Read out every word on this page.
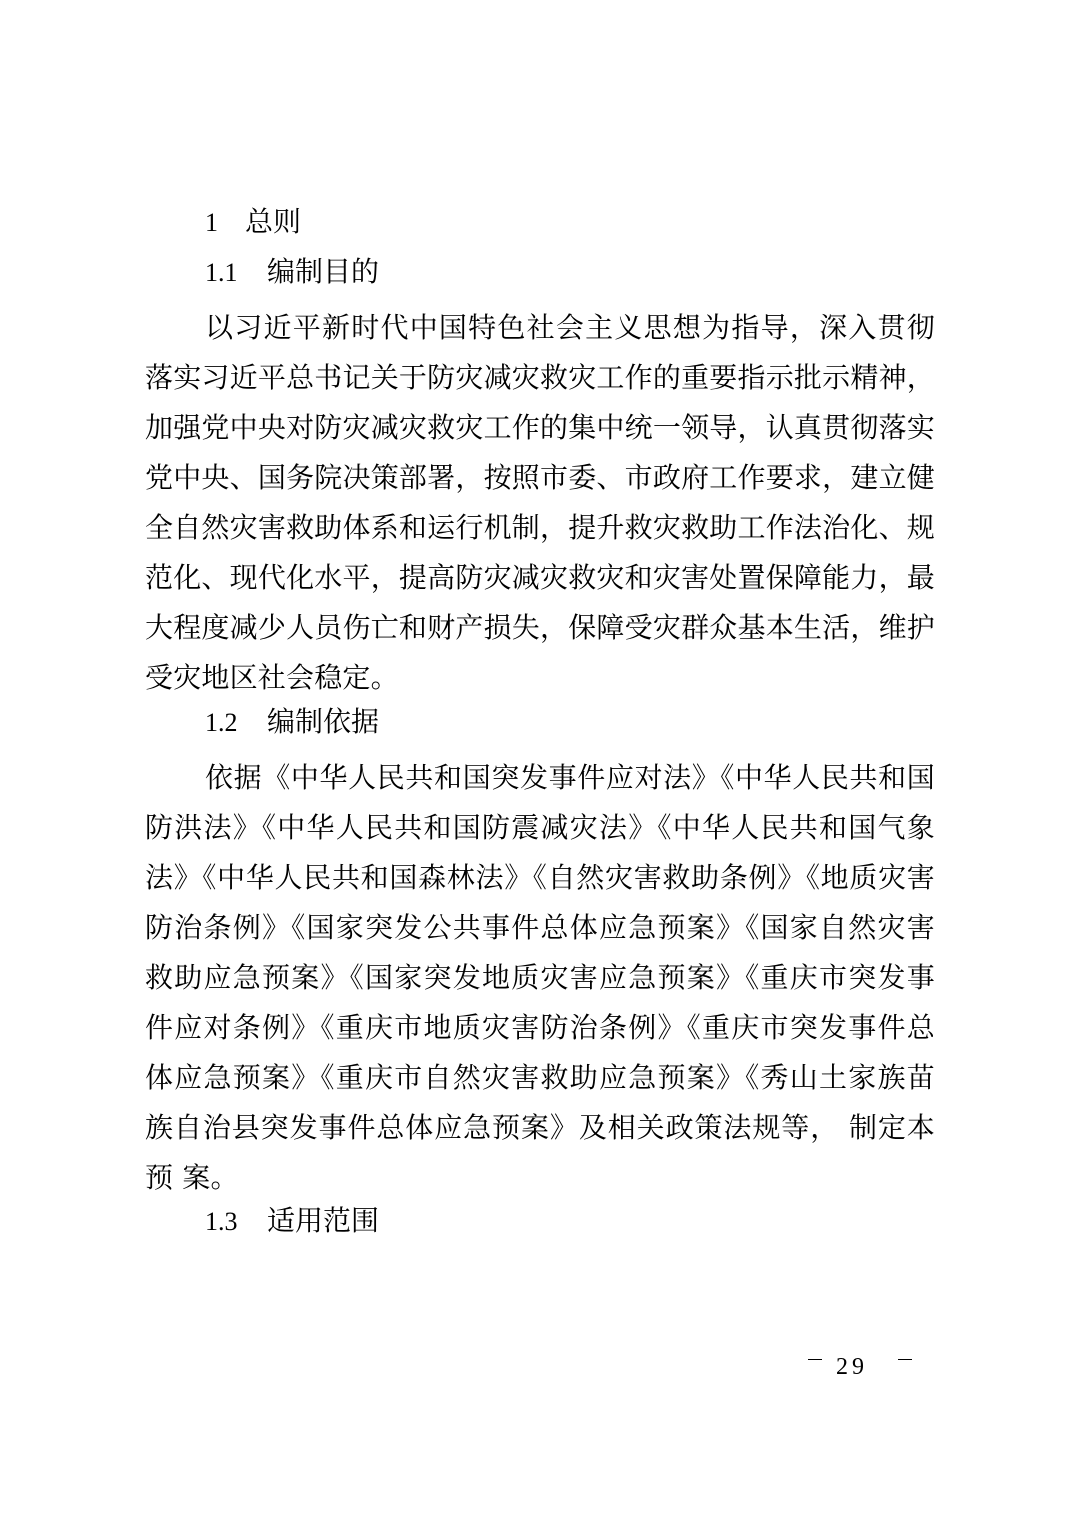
1 总则
1.1 编制目的

以习近平新时代中国特色社会主义思想为指导，深入贯彻落实习近平总书记关于防灾减灾救灾工作的重要指示批示精神，加强党中央对防灾减灾救灾工作的集中统一领导，认真贯彻落实党中央、国务院决策部署，按照市委、市政府工作要求，建立健全自然灾害救助体系和运行机制，提升救灾救助工作法治化、规范化、现代化水平，提高防灾减灾救灾和灾害处置保障能力，最大程度减少人员伤亡和财产损失，保障受灾群众基本生活，维护受灾地区社会稳定。

1.2 编制依据

依据《中华人民共和国突发事件应对法》《中华人民共和国 防洪法》《中华人民共和国防震减灾法》《中华人民共和国气象 法》《中华人民共和国森林法》《自然灾害救助条例》《地质灾害 防治条例》《国家突发公共事件总体应急预案》《国家自然灾害 救助应急预案》《国家突发地质灾害应急预案》《重庆市突发事 件应对条例》《重庆市地质灾害防治条例》《重庆市突发事件总 体应急预案》《重庆市自然灾害救助应急预案》《秀山土家族苗 族自治县突发事件总体应急预案》及相关政策法规等， 制定本预 案。

1.3 适用范围
29
